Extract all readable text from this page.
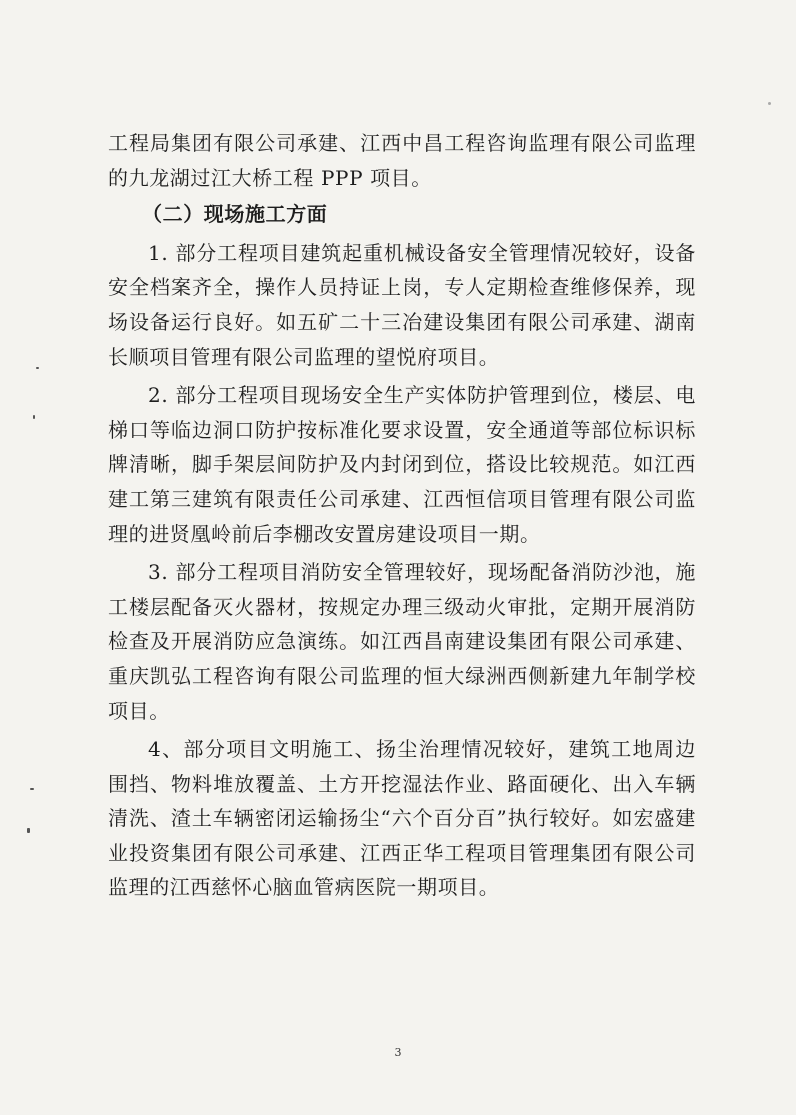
工程局集团有限公司承建、江西中昌工程咨询监理有限公司监理的九龙湖过江大桥工程 PPP 项目。

（二）现场施工方面

1. 部分工程项目建筑起重机械设备安全管理情况较好，设备安全档案齐全，操作人员持证上岗，专人定期检查维修保养，现场设备运行良好。如五矿二十三冶建设集团有限公司承建、湖南长顺项目管理有限公司监理的望悦府项目。

2. 部分工程项目现场安全生产实体防护管理到位，楼层、电梯口等临边洞口防护按标准化要求设置，安全通道等部位标识标牌清晰，脚手架层间防护及内封闭到位，搭设比较规范。如江西建工第三建筑有限责任公司承建、江西恒信项目管理有限公司监理的进贤凰岭前后李棚改安置房建设项目一期。

3. 部分工程项目消防安全管理较好，现场配备消防沙池，施工楼层配备灭火器材，按规定办理三级动火审批，定期开展消防检查及开展消防应急演练。如江西昌南建设集团有限公司承建、重庆凯弘工程咨询有限公司监理的恒大绿洲西侧新建九年制学校项目。

4、部分项目文明施工、扬尘治理情况较好，建筑工地周边围挡、物料堆放覆盖、土方开挖湿法作业、路面硬化、出入车辆清洗、渣土车辆密闭运输扬尘“六个百分百”执行较好。如宏盛建业投资集团有限公司承建、江西正华工程项目管理集团有限公司监理的江西慈怀心脑血管病医院一期项目。

3
